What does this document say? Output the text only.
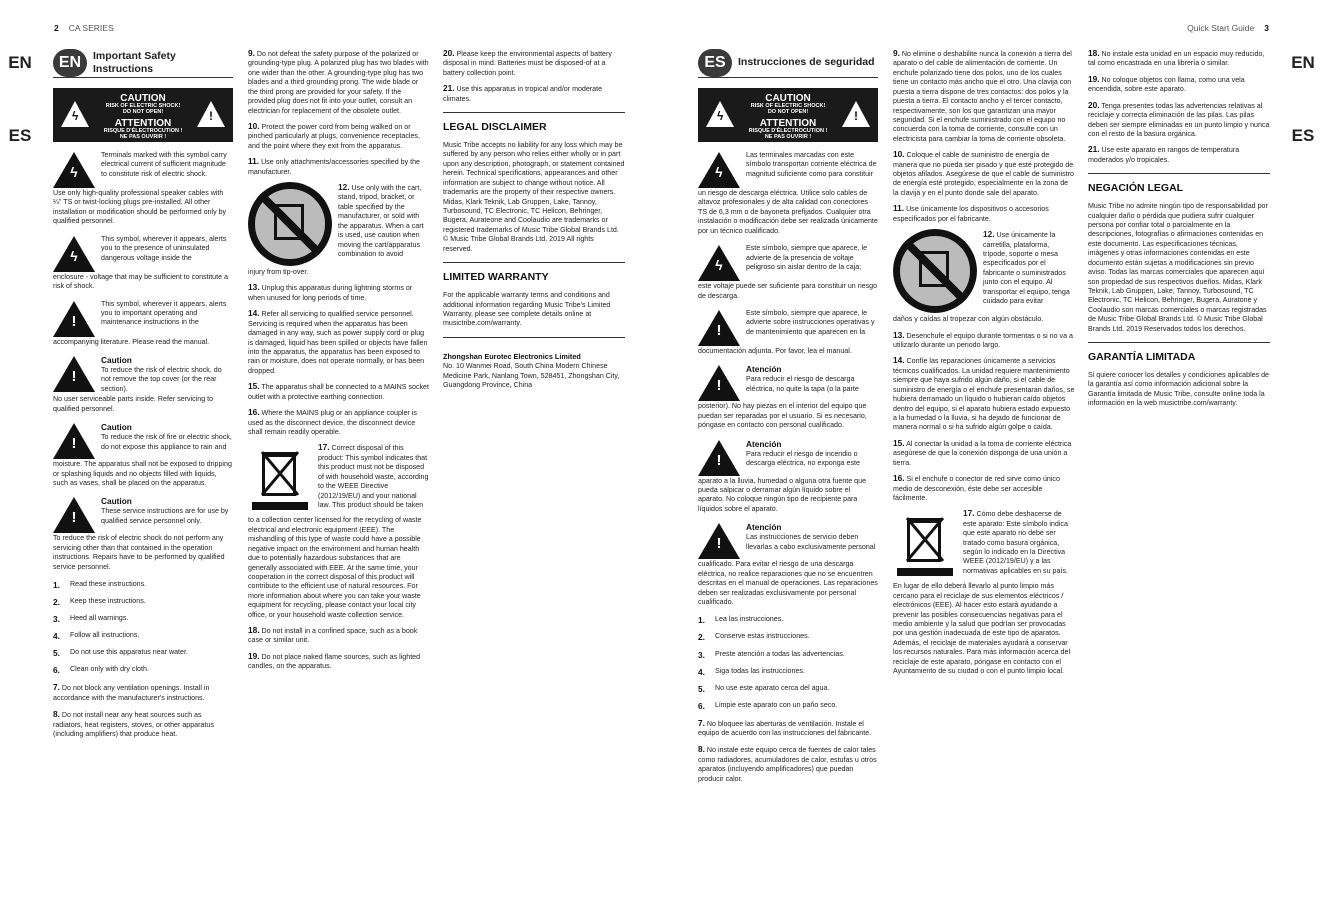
2 CA SERIES	Quick Start Guide 3
EN
ES
EN
ES
EN	Important Safety Instructions
ϟ
CAUTION
RISK OF ELECTRIC SHOCK!
DO NOT OPEN!
ATTENTION
RISQUE D'ÉLECTROCUTION !
NE PAS OUVRIR !
!
ϟ
Terminals marked with this symbol carry electrical current of sufficient magnitude to constitute risk of electric shock.
Use only high-quality professional speaker cables with ¼" TS or twist-locking plugs pre-installed. All other installation or modification should be performed only by qualified personnel.
ϟ
This symbol, wherever it appears, alerts you to the presence of uninsulated dangerous voltage inside the
enclosure - voltage that may be sufficient to constitute a risk of shock.
!
This symbol, wherever it appears, alerts you to important operating and maintenance instructions in the
accompanying literature. Please read the manual.
!
Caution
To reduce the risk of electric shock, do not remove the top cover (or the rear section).
No user serviceable parts inside. Refer servicing to qualified personnel.
!
Caution
To reduce the risk of fire or electric shock, do not expose this appliance to rain and
moisture. The apparatus shall not be exposed to dripping or splashing liquids and no objects filled with liquids, such as vases, shall be placed on the apparatus.
!
Caution
These service instructions are for use by qualified service personnel only.
To reduce the risk of electric shock do not perform any servicing other than that contained in the operation instructions. Repairs have to be performed by qualified service personnel.
1.	Read these instructions.
2.	Keep these instructions.
3.	Heed all warnings.
4.	Follow all instructions.
5.	Do not use this apparatus near water.
6.	Clean only with dry cloth.
7. Do not block any ventilation openings. Install in accordance with the manufacturer's instructions.
8. Do not install near any heat sources such as radiators, heat registers, stoves, or other apparatus (including amplifiers) that produce heat.
9. Do not defeat the safety purpose of the polarized or grounding-type plug. A polarized plug has two blades with one wider than the other. A grounding-type plug has two blades and a third grounding prong. The wide blade or the third prong are provided for your safety. If the provided plug does not fit into your outlet, consult an electrician for replacement of the obsolete outlet.
10. Protect the power cord from being walked on or pinched particularly at plugs, convenience receptacles, and the point where they exit from the apparatus.
11. Use only attachments/accessories specified by the manufacturer.
12. Use only with the cart, stand, tripod, bracket, or table specified by the manufacturer, or sold with the apparatus. When a cart is used, use caution when moving the cart/apparatus combination to avoid
injury from tip-over.
13. Unplug this apparatus during lightning storms or when unused for long periods of time.
14. Refer all servicing to qualified service personnel. Servicing is required when the apparatus has been damaged in any way, such as power supply cord or plug is damaged, liquid has been spilled or objects have fallen into the apparatus, the apparatus has been exposed to rain or moisture, does not operate normally, or has been dropped.
15. The apparatus shall be connected to a MAINS socket outlet with a protective earthing connection.
16. Where the MAINS plug or an appliance coupler is used as the disconnect device, the disconnect device shall remain readily operable.
17. Correct disposal of this product: This symbol indicates that this product must not be disposed of with household waste, according to the WEEE Directive (2012/19/EU) and your national law. This product should be taken
to a collection center licensed for the recycling of waste electrical and electronic equipment (EEE). The mishandling of this type of waste could have a possible negative impact on the environment and human health due to potentially hazardous substances that are generally associated with EEE. At the same time, your cooperation in the correct disposal of this product will contribute to the efficient use of natural resources. For more information about where you can take your waste equipment for recycling, please contact your local city office, or your household waste collection service.
18. Do not install in a confined space, such as a book case or similar unit.
19. Do not place naked flame sources, such as lighted candles, on the apparatus.
20. Please keep the environmental aspects of battery disposal in mind. Batteries must be disposed-of at a battery collection point.
21. Use this apparatus in tropical and/or moderate climates.
LEGAL DISCLAIMER

Music Tribe accepts no liability for any loss which may be suffered by any person who relies either wholly or in part upon any description, photograph, or statement contained herein. Technical specifications, appearances and other information are subject to change without notice. All trademarks are the property of their respective owners. Midas, Klark Teknik, Lab Gruppen, Lake, Tannoy, Turbosound, TC Electronic, TC Helicon, Behringer, Bugera, Aurateone and Coolaudio are trademarks or registered trademarks of Music Tribe Global Brands Ltd. © Music Tribe Global Brands Ltd. 2019 All rights reserved.

LIMITED WARRANTY

For the applicable warranty terms and conditions and additional information regarding Music Tribe's Limited Warranty, please see complete details online at musictribe.com/warranty.

Zhongshan Eurotec Electronics Limited

No. 10 Wanmei Road, South China Modern Chinese Medicine Park, Nanlang Town, 528451, Zhongshan City, Guangdong Province, China

ES	Instrucciones de seguridad
ϟ
CAUTION
RISK OF ELECTRIC SHOCK!
DO NOT OPEN!
ATTENTION
RISQUE D'ÉLECTROCUTION !
NE PAS OUVRIR !
!
ϟ
Las terminales marcadas con este símbolo transportan corriente eléctrica de magnitud suficiente como para constituir
un riesgo de descarga eléctrica. Utilice solo cables de altavoz profesionales y de alta calidad con conectores TS de 6,3 mm o de bayoneta prefijados. Cualquier otra instalación o modificación debe ser realizada únicamente por un técnico cualificado.
ϟ
Este símbolo, siempre que aparece, le advierte de la presencia de voltaje peligroso sin aislar dentro de la caja;
este voltaje puede ser suficiente para constituir un riesgo de descarga.
!
Este símbolo, siempre que aparece, le advierte sobre instrucciones operativas y de mantenimiento que aparecen en la
documentación adjunta. Por favor, lea el manual.
!
Atención
Para reducir el riesgo de descarga eléctrica, no quite la tapa (o la parte
posterior). No hay piezas en el interior del equipo que puedan ser reparadas por el usuario. Si es necesario, póngase en contacto con personal cualificado.
!
Atención
Para reducir el riesgo de incendio o descarga eléctrica, no exponga este
aparato a la lluvia, humedad o alguna otra fuente que pueda salpicar o derramar algún líquido sobre el aparato. No coloque ningún tipo de recipiente para líquidos sobre el aparato.
!
Atención
Las instrucciones de servicio deben llevarlas a cabo exclusivamente personal
cualificado. Para evitar el riesgo de una descarga eléctrica, no realice reparaciones que no se encuentren descritas en el manual de operaciones. Las reparaciones deben ser realizadas exclusivamente por personal cualificado.
1.	Lea las instrucciones.
2.	Conserve estas instrucciones.
3.	Preste atención a todas las advertencias.
4.	Siga todas las instrucciones.
5.	No use este aparato cerca del agua.
6.	Limpie este aparato con un paño seco.
7. No bloquee las aberturas de ventilación. Instale el equipo de acuerdo con las instrucciones del fabricante.
8. No instale este equipo cerca de fuentes de calor tales como radiadores, acumuladores de calor, estufas u otros aparatos (incluyendo amplificadores) que puedan producir calor.
9. No elimine o deshabilite nunca la conexión a tierra del aparato o del cable de alimentación de corriente. Un enchufe polarizado tiene dos polos, uno de los cuales tiene un contacto más ancho que el otro. Una clavija con puesta a tierra dispone de tres contactos: dos polos y la puesta a tierra. El contacto ancho y el tercer contacto, respectivamente, son los que garantizan una mayor seguridad. Si el enchufe suministrado con el equipo no concuerda con la toma de corriente, consulte con un electricista para cambiar la toma de corriente obsoleta.
10. Coloque el cable de suministro de energía de manera que no pueda ser pisado y que esté protegido de objetos afilados. Asegúrese de que el cable de suministro de energía esté protegido, especialmente en la zona de la clavija y en el punto donde sale del aparato.
11. Use únicamente los dispositivos o accesorios especificados por el fabricante.
12. Use únicamente la carretilla, plataforma, trípode, soporte o mesa especificados por el fabricante o suministrados junto con el equipo. Al transportar el equipo, tenga cuidado para evitar
daños y caídas al tropezar con algún obstáculo.
13. Desenchufe el equipo durante tormentas o si no va a utilizarlo durante un periodo largo.
14. Confíe las reparaciones únicamente a servicios técnicos cualificados. La unidad requiere mantenimiento siempre que haya sufrido algún daño, si el cable de suministro de energía o el enchufe presentaran daños, se hubiera derramado un líquido o hubieran caído objetos dentro del equipo, si el aparato hubiera estado expuesto a la humedad o la lluvia, si ha dejado de funcionar de manera normal o si ha sufrido algún golpe o caída.
15. Al conectar la unidad a la toma de corriente eléctrica asegúrese de que la conexión disponga de una unión a tierra.
16. Si el enchufe o conector de red sirve como único medio de desconexión, éste debe ser accesible fácilmente.
17. Cómo debe deshacerse de este aparato: Este símbolo indica que este aparato no debe ser tratado como basura orgánica, según lo indicado en la Directiva WEEE (2012/19/EU) y a las normativas aplicables en su país.
En lugar de ello deberá llevarlo al punto limpio más cercano para el reciclaje de sus elementos eléctricos / electrónicos (EEE). Al hacer esto estará ayudando a prevenir las posibles consecuencias negativas para el medio ambiente y la salud que podrían ser provocadas por una gestión inadecuada de este tipo de aparatos. Además, el reciclaje de materiales ayudará a conservar los recursos naturales. Para más información acerca del reciclaje de este aparato, póngase en contacto con el Ayuntamiento de su ciudad o con el punto limpio local.
18. No instale esta unidad en un espacio muy reducido, tal como encastrada en una librería o similar.
19. No coloque objetos con llama, como una vela encendida, sobre este aparato.
20. Tenga presentes todas las advertencias relativas al reciclaje y correcta eliminación de las pilas. Las pilas deben ser siempre eliminadas en un punto limpio y nunca con el resto de la basura orgánica.
21. Use este aparato en rangos de temperatura moderados y/o tropicales.
NEGACIÓN LEGAL

Music Tribe no admite ningún tipo de responsabilidad por cualquier daño o pérdida que pudiera sufrir cualquier persona por confiar total o parcialmente en la descripciones, fotografías o afirmaciones contenidas en este documento. Las especificaciones técnicas, imágenes y otras informaciones contenidas en este documento están sujetas a modificaciones sin previo aviso. Todas las marcas comerciales que aparecen aquí son propiedad de sus respectivos dueños. Midas, Klark Teknik, Lab Gruppen, Lake, Tannoy, Turbosound, TC Electronic, TC Helicon, Behringer, Bugera, Auratone y Coolaudio son marcas comerciales o marcas registradas de Music Tribe Global Brands Ltd. © Music Tribe Global Brands Ltd. 2019 Reservados todos los derechos.

GARANTÍA LIMITADA

Si quiere conocer los detalles y condiciones aplicables de la garantía así como información adicional sobre la Garantía limitada de Music Tribe, consulte online toda la información en la web musictribe.com/warranty.
